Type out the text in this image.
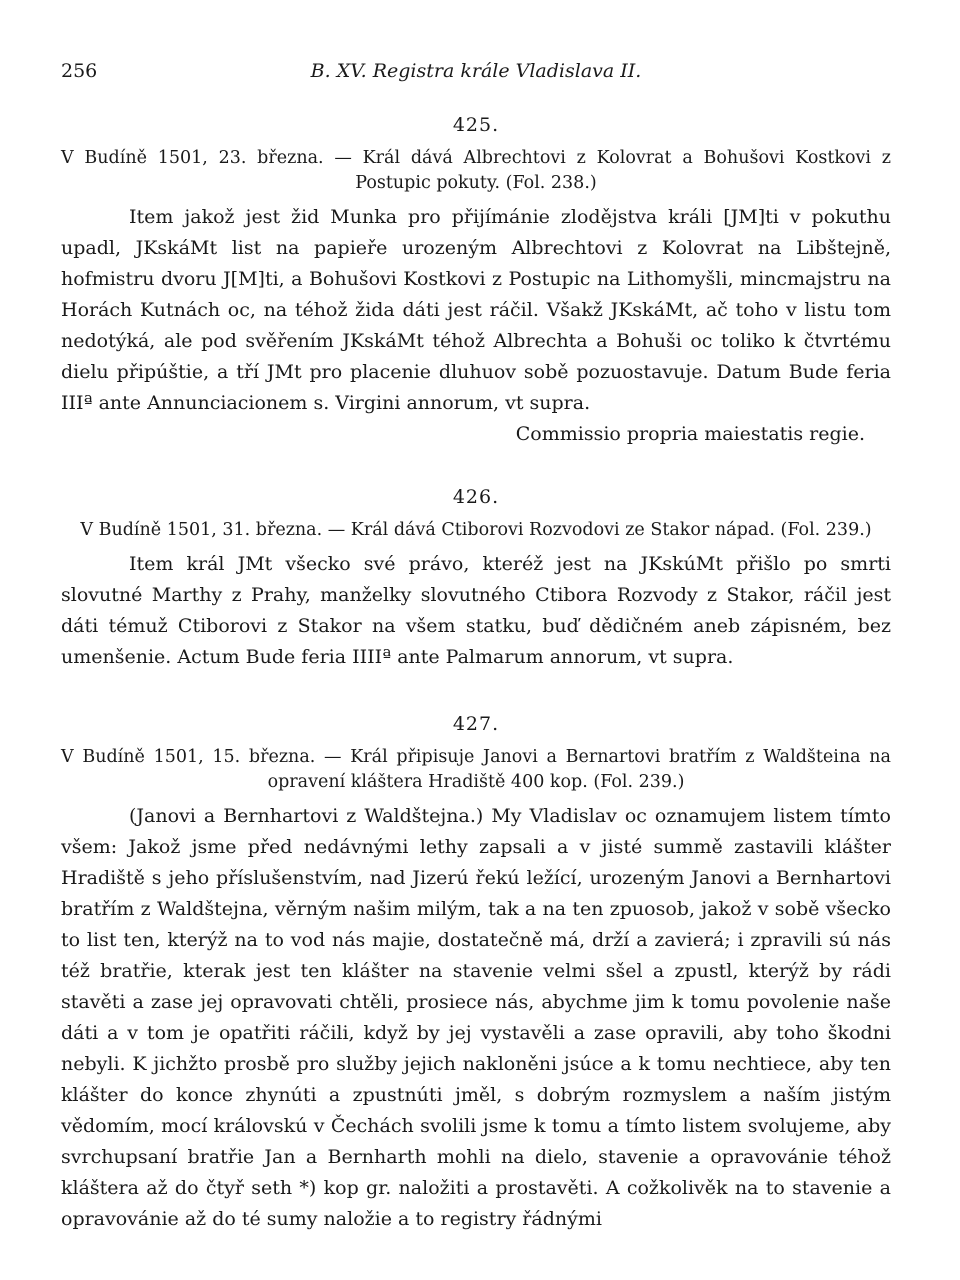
256	B. XV. Registra krále Vladislava II.
425.
V Budíně 1501, 23. března. — Král dává Albrechtovi z Kolovrat a Bohušovi Kostkovi z Postupic pokuty. (Fol. 238.)

Item jakož jest žid Munka pro přijímánie zlodějstva králi [JM]ti v pokuthu upadl, JKskáMt list na papieře urozeným Albrechtovi z Kolovrat na Libštejně, hofmistru dvoru J[M]ti, a Bohušovi Kostkovi z Postupic na Lithomyšli, mincmajstru na Horách Kutnách oc, na téhož žida dáti jest ráčil. Všakž JKskáMt, ač toho v listu tom nedotýká, ale pod svěřením JKskáMt téhož Albrechta a Bohuši oc toliko k čtvrtému dielu připúštie, a tří JMt pro placenie dluhuov sobě pozuostavuje. Datum Bude feria IIIª ante Annunciacionem s. Virgini annorum, vt supra.

Commissio propria maiestatis regie.
426.
V Budíně 1501, 31. března. — Král dává Ctiborovi Rozvodovi ze Stakor nápad. (Fol. 239.)

Item král JMt všecko své právo, kteréž jest na JKskúMt přišlo po smrti slovutné Marthy z Prahy, manželky slovutného Ctibora Rozvody z Stakor, ráčil jest dáti témuž Ctiborovi z Stakor na všem statku, buď dědičném aneb zápisném, bez umenšenie. Actum Bude feria IIIIª ante Palmarum annorum, vt supra.

427.
V Budíně 1501, 15. března. — Král připisuje Janovi a Bernartovi bratřím z Waldšteina na opravení kláštera Hradiště 400 kop. (Fol. 239.)

(Janovi a Bernhartovi z Waldštejna.) My Vladislav oc oznamujem listem tímto všem: Jakož jsme před nedávnými lethy zapsali a v jisté summě zastavili klášter Hradiště s jeho příslušenstvím, nad Jizerú řekú ležící, urozeným Janovi a Bernhartovi bratřím z Waldštejna, věrným našim milým, tak a na ten zpuosob, jakož v sobě všecko to list ten, kterýž na to vod nás majie, dostatečně má, drží a zavierá; i zpravili sú nás též bratřie, kterak jest ten klášter na stavenie velmi sšel a zpustl, kterýž by rádi stavěti a zase jej opravovati chtěli, prosiece nás, abychme jim k tomu povolenie naše dáti a v tom je opatřiti ráčili, když by jej vystavěli a zase opravili, aby toho škodni nebyli. K jichžto prosbě pro služby jejich nakloněni jsúce a k tomu nechtiece, aby ten klášter do konce zhynúti a zpustnúti jměl, s dobrým rozmyslem a naším jistým vědomím, mocí královskú v Čechách svolili jsme k tomu a tímto listem svolujeme, aby svrchupsaní bratřie Jan a Bernharth mohli na dielo, stavenie a opravovánie téhož kláštera až do čtyř seth *) kop gr. naložiti a prostavěti. A cožkolivěk na to stavenie a opravovánie až do té sumy naložie a to registry řádnými
